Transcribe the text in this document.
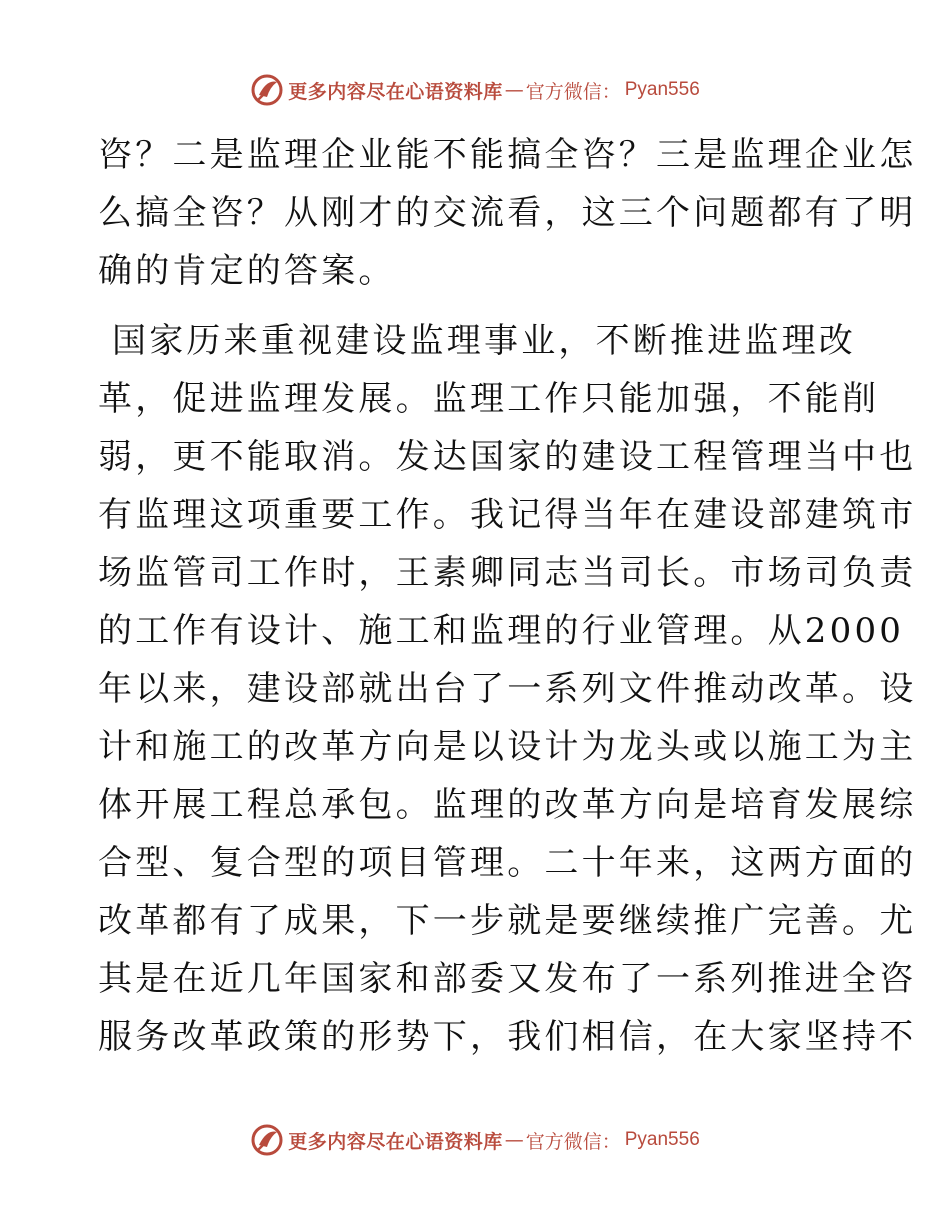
更多内容尽在心语资料库 — 官方微信： Pyan556
咨？二是监理企业能不能搞全咨？三是监理企业怎
么搞全咨？从刚才的交流看，这三个问题都有了明
确的肯定的答案。
国家历来重视建设监理事业，不断推进监理改
革，促进监理发展。监理工作只能加强，不能削
弱，更不能取消。发达国家的建设工程管理当中也
有监理这项重要工作。我记得当年在建设部建筑市
场监管司工作时，王素卿同志当司长。市场司负责
的工作有设计、施工和监理的行业管理。从2000
年以来，建设部就出台了一系列文件推动改革。设
计和施工的改革方向是以设计为龙头或以施工为主
体开展工程总承包。监理的改革方向是培育发展综
合型、复合型的项目管理。二十年来，这两方面的
改革都有了成果，下一步就是要继续推广完善。尤
其是在近几年国家和部委又发布了一系列推进全咨
服务改革政策的形势下，我们相信，在大家坚持不
更多内容尽在心语资料库 — 官方微信： Pyan556
